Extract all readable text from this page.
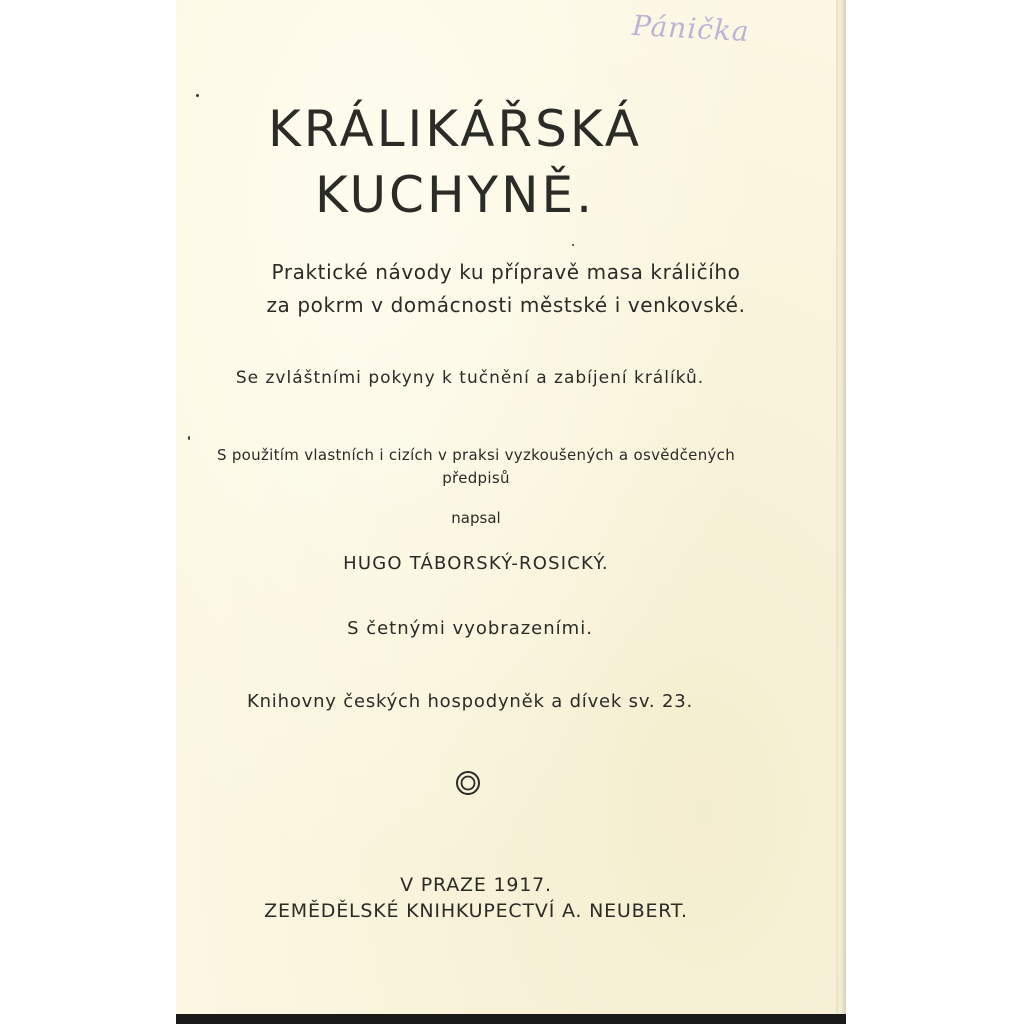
Pánička
KRÁLIKÁŘSKÁ
KUCHYNĚ.
Praktické návody ku přípravě masa králičího
za pokrm v domácnosti městské i venkovské.
Se zvláštními pokyny k tučnění a zabíjení králíků.
S použitím vlastních i cizích v praksi vyzkoušených a osvědčených
předpisů
napsal
HUGO TÁBORSKÝ-ROSICKÝ.
S četnými vyobrazeními.
Knihovny českých hospodyněk a dívek sv. 23.
V PRAZE 1917.
ZEMĚDĚLSKÉ KNIHKUPECTVÍ A. NEUBERT.
